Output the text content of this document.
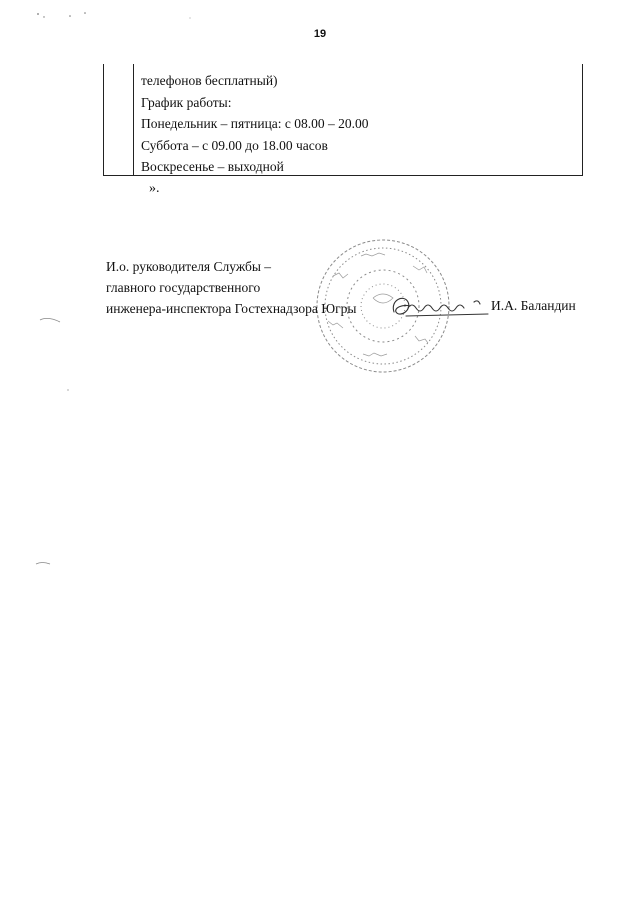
19
телефонов бесплатный)
График работы:
Понедельник – пятница: с 08.00 – 20.00
Суббота – с 09.00 до 18.00 часов
Воскресенье – выходной
».
И.о. руководителя Службы –
главного государственного
инженера-инспектора Гостехнадзора Югры	И.А. Баландин
